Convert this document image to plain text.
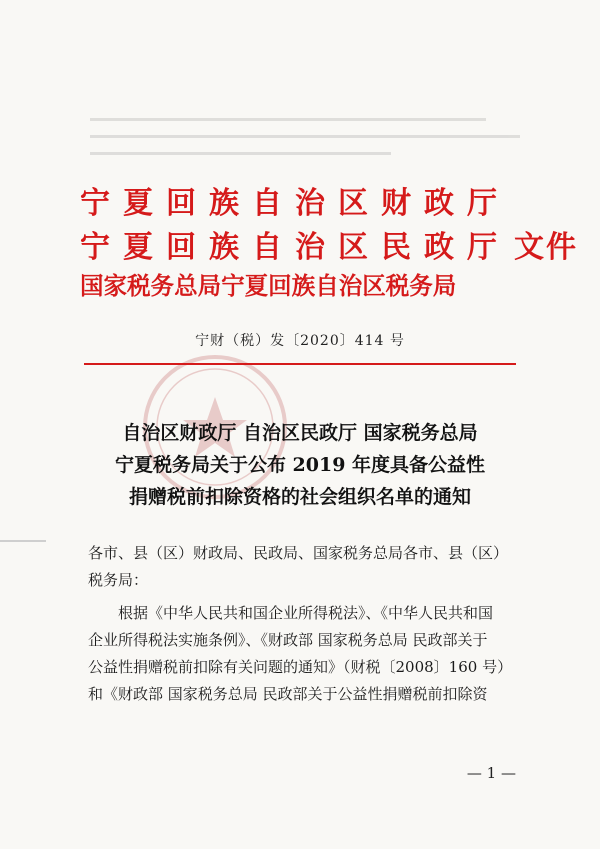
宁夏回族自治区财政厅
宁夏回族自治区民政厅 文件
国家税务总局宁夏回族自治区税务局
宁财（税）发〔2020〕414 号
自治区财政厅 自治区民政厅 国家税务总局
宁夏税务局关于公布 2019 年度具备公益性
捐赠税前扣除资格的社会组织名单的通知
各市、县（区）财政局、民政局、国家税务总局各市、县（区）
税务局：
根据《中华人民共和国企业所得税法》、《中华人民共和国
企业所得税法实施条例》、《财政部 国家税务总局 民政部关于
公益性捐赠税前扣除有关问题的通知》（财税〔2008〕160 号）
和《财政部 国家税务总局 民政部关于公益性捐赠税前扣除资
— 1 —
